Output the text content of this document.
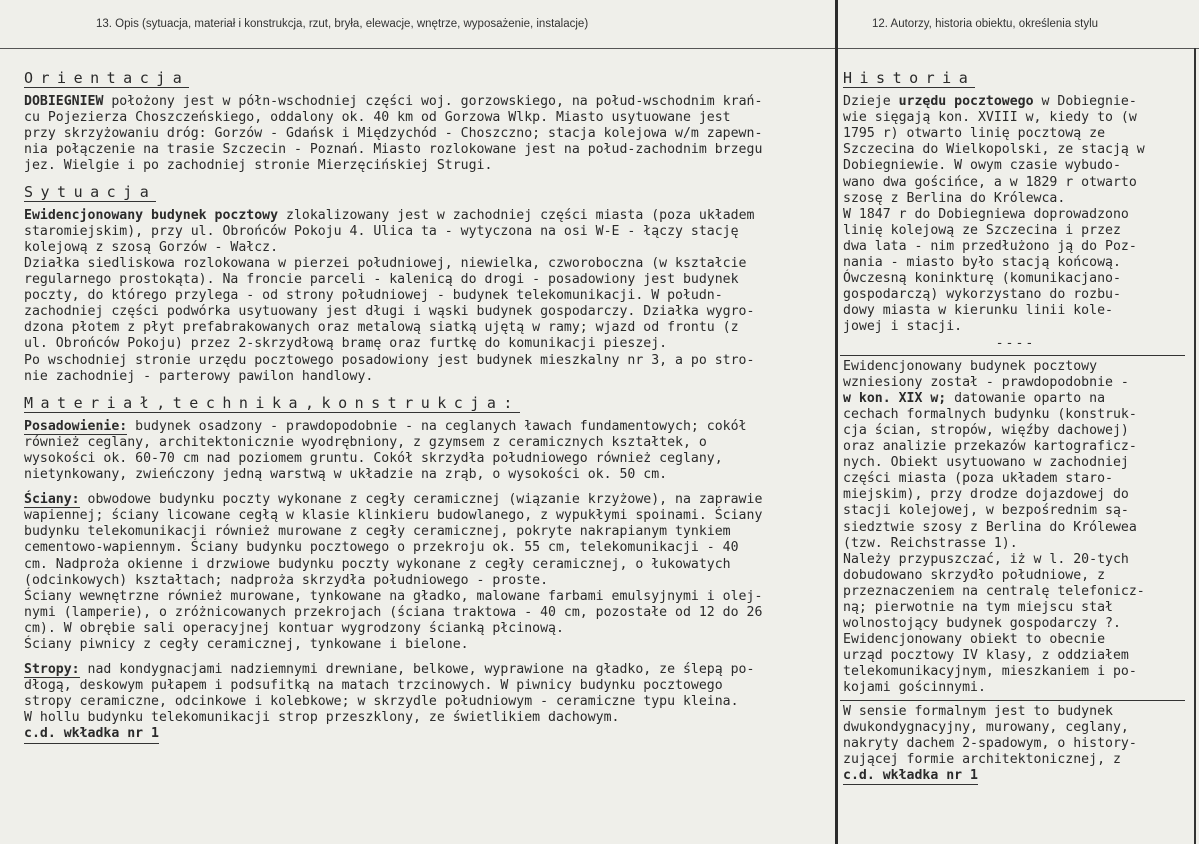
13. Opis (sytuacja, materiał i konstrukcja, rzut, bryła, elewacje, wnętrze, wyposażenie, instalacje)	12. Autorzy, historia obiektu, określenia stylu
Orientacja

DOBIEGNIEW położony jest w półn-wschodniej części woj. gorzowskiego, na połud-wschodnim krań-

cu Pojezierza Choszczeńskiego, oddalony ok. 40 km od Gorzowa Wlkp. Miasto usytuowane jest

przy skrzyżowaniu dróg: Gorzów - Gdańsk i Międzychód - Choszczno; stacja kolejowa w/m zapewn-

nia połączenie na trasie Szczecin - Poznań. Miasto rozlokowane jest na połud-zachodnim brzegu

jez. Wielgie i po zachodniej stronie Mierzęcińskiej Strugi.

Sytuacja

Ewidencjonowany budynek pocztowy zlokalizowany jest w zachodniej części miasta (poza układem

staromiejskim), przy ul. Obrońców Pokoju 4. Ulica ta - wytyczona na osi W-E - łączy stację

kolejową z szosą Gorzów - Wałcz.

Działka siedliskowa rozlokowana w pierzei południowej, niewielka, czworoboczna (w kształcie

regularnego prostokąta). Na froncie parceli - kalenicą do drogi - posadowiony jest budynek

poczty, do którego przylega - od strony południowej - budynek telekomunikacji. W połudn-

zachodniej części podwórka usytuowany jest długi i wąski budynek gospodarczy. Działka wygro-

dzona płotem z płyt prefabrakowanych oraz metalową siatką ujętą w ramy; wjazd od frontu (z

ul. Obrońców Pokoju) przez 2-skrzydłową bramę oraz furtkę do komunikacji pieszej.

Po wschodniej stronie urzędu pocztowego posadowiony jest budynek mieszkalny nr 3, a po stro-

nie zachodniej - parterowy pawilon handlowy.

Materiał,technika,konstrukcja:

Posadowienie: budynek osadzony - prawdopodobnie - na ceglanych ławach fundamentowych; cokół

również ceglany, architektonicznie wyodrębniony, z gzymsem z ceramicznych kształtek, o

wysokości ok. 60-70 cm nad poziomem gruntu. Cokół skrzydła południowego również ceglany,

nietynkowany, zwieńczony jedną warstwą w układzie na zrąb, o wysokości ok. 50 cm.

Ściany: obwodowe budynku poczty wykonane z cegły ceramicznej (wiązanie krzyżowe), na zaprawie

wapiennej; ściany licowane cegłą w klasie klinkieru budowlanego, z wypukłymi spoinami. Ściany

budynku telekomunikacji również murowane z cegły ceramicznej, pokryte nakrapianym tynkiem

cementowo-wapiennym. Ściany budynku pocztowego o przekroju ok. 55 cm, telekomunikacji - 40

cm. Nadproża okienne i drzwiowe budynku poczty wykonane z cegły ceramicznej, o łukowatych

(odcinkowych) kształtach; nadproża skrzydła południowego - proste.

Ściany wewnętrzne również murowane, tynkowane na gładko, malowane farbami emulsyjnymi i olej-

nymi (lamperie), o zróżnicowanych przekrojach (ściana traktowa - 40 cm, pozostałe od 12 do 26

cm). W obrębie sali operacyjnej kontuar wygrodzony ścianką płcinową.

Ściany piwnicy z cegły ceramicznej, tynkowane i bielone.

Stropy: nad kondygnacjami nadziemnymi drewniane, belkowe, wyprawione na gładko, ze ślepą po-

dłogą, deskowym pułapem i podsufitką na matach trzcinowych. W piwnicy budynku pocztowego

stropy ceramiczne, odcinkowe i kolebkowe; w skrzydle południowym - ceramiczne typu kleina.

W hollu budynku telekomunikacji strop przeszklony, ze świetlikiem dachowym.

c.d. wkładka nr 1

Historia

Dzieje urzędu pocztowego w Dobiegnie-

wie sięgają kon. XVIII w, kiedy to (w

1795 r) otwarto linię pocztową ze

Szczecina do Wielkopolski, ze stacją w

Dobiegniewie. W owym czasie wybudo-

wano dwa gościńce, a w 1829 r otwarto

szosę z Berlina do Królewca.

W 1847 r do Dobiegniewa doprowadzono

linię kolejową ze Szczecina i przez

dwa lata - nim przedłużono ją do Poz-

nania - miasto było stacją końcową.

Ówczesną koninkturę (komunikacjano-

gospodarczą) wykorzystano do rozbu-

dowy miasta w kierunku linii kole-

jowej i stacji.

----

Ewidencjonowany budynek pocztowy

wzniesiony został - prawdopodobnie -

w kon. XIX w; datowanie oparto na

cechach formalnych budynku (konstruk-

cja ścian, stropów, więźby dachowej)

oraz analizie przekazów kartograficz-

nych. Obiekt usytuowano w zachodniej

części miasta (poza układem staro-

miejskim), przy drodze dojazdowej do

stacji kolejowej, w bezpośrednim są-

siedztwie szosy z Berlina do Królewea

(tzw. Reichstrasse 1).

Należy przypuszczać, iż w l. 20-tych

dobudowano skrzydło południowe, z

przeznaczeniem na centralę telefonicz-

ną; pierwotnie na tym miejscu stał

wolnostojący budynek gospodarczy ?.

Ewidencjonowany obiekt to obecnie

urząd pocztowy IV klasy, z oddziałem

telekomunikacyjnym, mieszkaniem i po-

kojami gościnnymi.

W sensie formalnym jest to budynek

dwukondygnacyjny, murowany, ceglany,

nakryty dachem 2-spadowym, o history-

zującej formie architektonicznej, z

c.d. wkładka nr 1
